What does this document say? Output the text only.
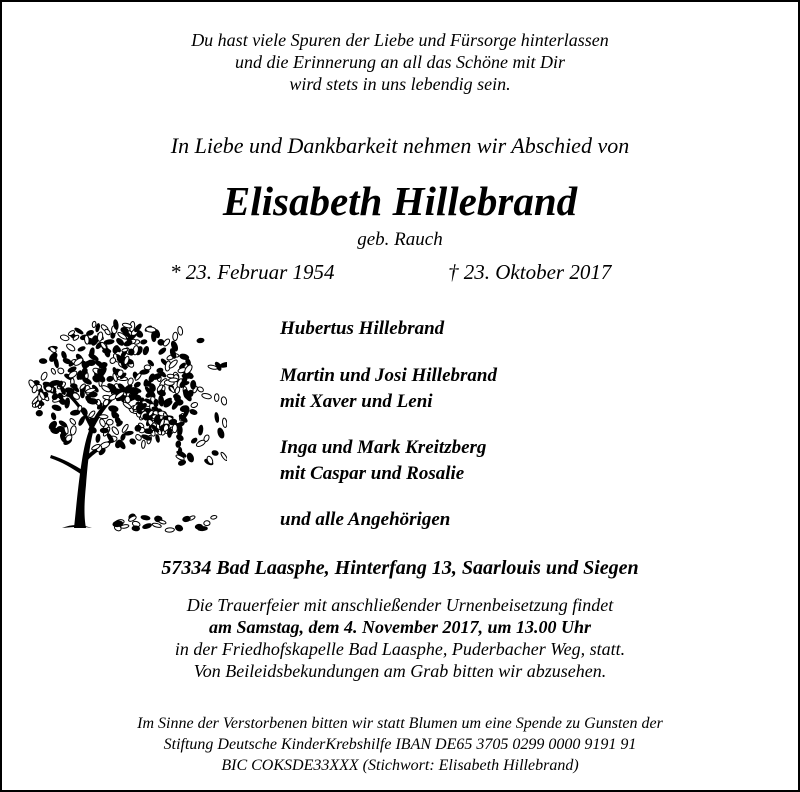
Du hast viele Spuren der Liebe und Fürsorge hinterlassen
und die Erinnerung an all das Schöne mit Dir
wird stets in uns lebendig sein.
In Liebe und Dankbarkeit nehmen wir Abschied von
Elisabeth Hillebrand
geb. Rauch
* 23. Februar 1954	† 23. Oktober 2017
Hubertus Hillebrand
Martin und Josi Hillebrand
mit Xaver und Leni
Inga und Mark Kreitzberg
mit Caspar und Rosalie
und alle Angehörigen
57334 Bad Laasphe, Hinterfang 13, Saarlouis und Siegen
Die Trauerfeier mit anschließender Urnenbeisetzung findet
am Samstag, dem 4. November 2017, um 13.00 Uhr
in der Friedhofskapelle Bad Laasphe, Puderbacher Weg, statt.
Von Beileidsbekundungen am Grab bitten wir abzusehen.
Im Sinne der Verstorbenen bitten wir statt Blumen um eine Spende zu Gunsten der
Stiftung Deutsche KinderKrebshilfe IBAN DE65 3705 0299 0000 9191 91
BIC COKSDE33XXX (Stichwort: Elisabeth Hillebrand)
